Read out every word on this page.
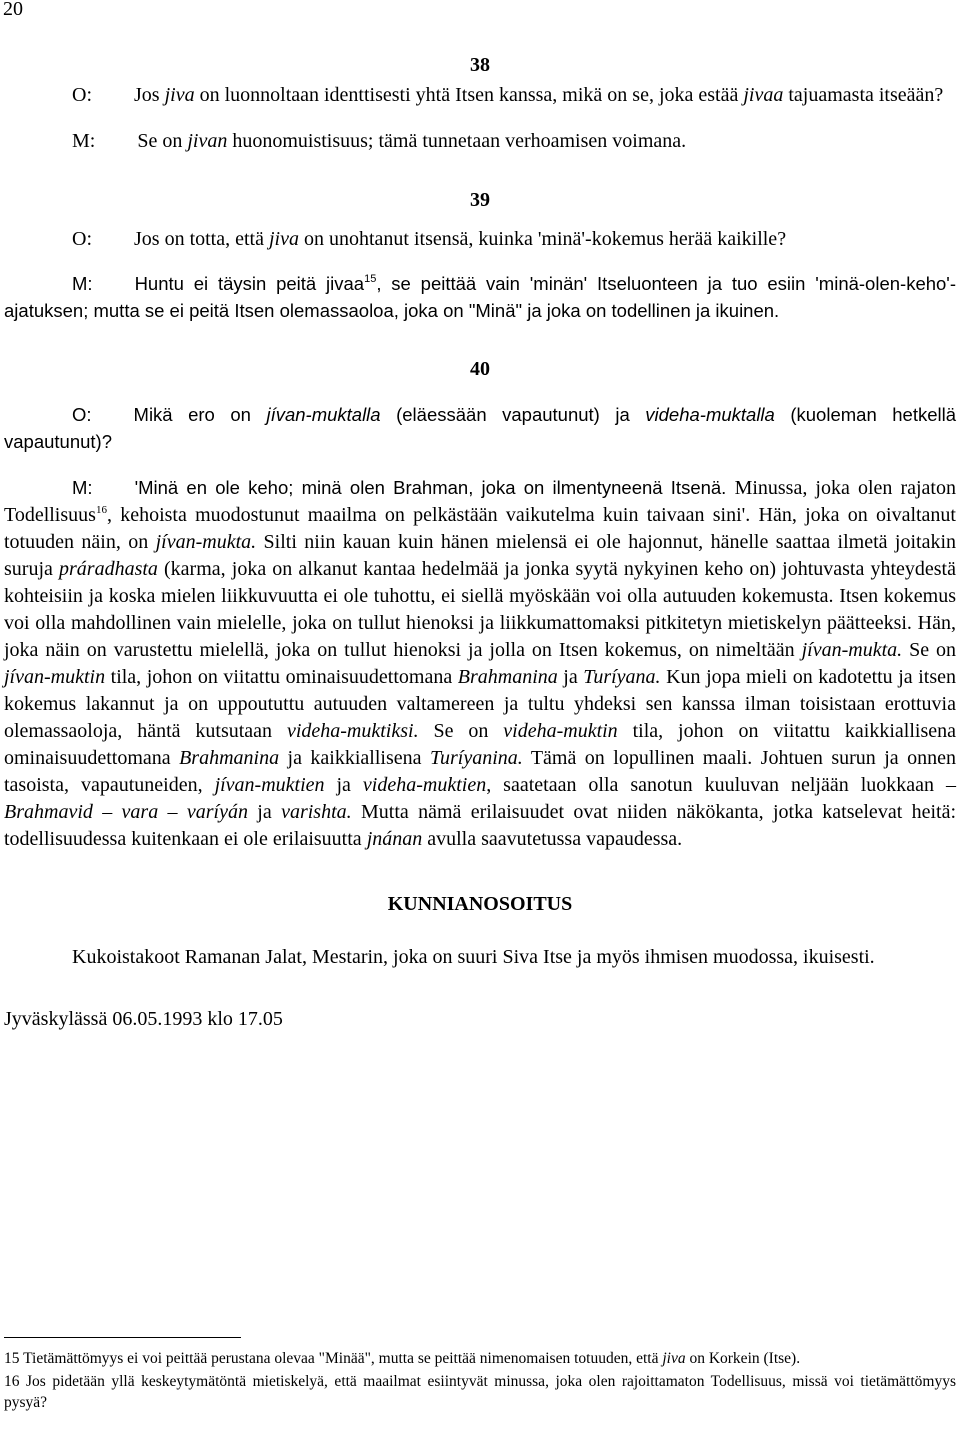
20
38

O: Jos jiva on luonnoltaan identtisesti yhtä Itsen kanssa, mikä on se, joka estää jivaa tajuamasta itseään?

M: Se on jivan huonomuistisuus; tämä tunnetaan verhoamisen voimana.

39

O: Jos on totta, että jiva on unohtanut itsensä, kuinka 'minä'-kokemus herää kaikille?

M: Huntu ei täysin peitä jivaa$^{15}$, se peittää vain 'minän' Itseluonteen ja tuo esiin 'minä-olen-keho'-ajatuksen; mutta se ei peitä Itsen olemassaoloa, joka on "Minä" ja joka on todellinen ja ikuinen.

40

O: Mikä ero on jívan-muktalla (eläessään vapautunut) ja videha-muktalla (kuoleman hetkellä vapautunut)?

M: 'Minä en ole keho; minä olen Brahman, joka on ilmentyneenä Itsenä. Minussa, joka olen rajaton Todellisuus$^{16}$, kehoista muodostunut maailma on pelkästään vaikutelma kuin taivaan sini'. Hän, joka on oivaltanut totuuden näin, on jívan-mukta. Silti niin kauan kuin hänen mielensä ei ole hajonnut, hänelle saattaa ilmetä joitakin suruja práradhasta (karma, joka on alkanut kantaa hedelmää ja jonka syytä nykyinen keho on) johtuvasta yhteydestä kohteisiin ja koska mielen liikkuvuutta ei ole tuhottu, ei siellä myöskään voi olla autuuden kokemusta. Itsen kokemus voi olla mahdollinen vain mielelle, joka on tullut hienoksi ja liikkumattomaksi pitkitetyn mietiskelyn päätteeksi. Hän, joka näin on varustettu mielellä, joka on tullut hienoksi ja jolla on Itsen kokemus, on nimeltään jívan-mukta. Se on jívan-muktin tila, johon on viitattu ominaisuudettomana Brahmanina ja Turíyana. Kun jopa mieli on kadotettu ja itsen kokemus lakannut ja on uppoututtu autuuden valtamereen ja tultu yhdeksi sen kanssa ilman toisistaan erottuvia olemassaoloja, häntä kutsutaan videha-muktiksi. Se on videha-muktin tila, johon on viitattu kaikkiallisena ominaisuudettomana Brahmanina ja kaikkiallisena Turíyanina. Tämä on lopullinen maali. Johtuen surun ja onnen tasoista, vapautuneiden, jívan-muktien ja videha-muktien, saatetaan olla sanotun kuuluvan neljään luokkaan – Brahmavid – vara – varíyán ja varishta. Mutta nämä erilaisuudet ovat niiden näkökanta, jotka katselevat heitä: todellisuudessa kuitenkaan ei ole erilaisuutta jnánan avulla saavutetussa vapaudessa.

KUNNIANOSOITUS

Kukoistakoot Ramanan Jalat, Mestarin, joka on suuri Siva Itse ja myös ihmisen muodossa, ikuisesti.

Jyväskylässä 06.05.1993 klo 17.05

15 Tietämättömyys ei voi peittää perustana olevaa "Minää", mutta se peittää nimenomaisen totuuden, että jiva on Korkein (Itse).

16 Jos pidetään yllä keskeytymätöntä mietiskelyä, että maailmat esiintyvät minussa, joka olen rajoittamaton Todellisuus, missä voi tietämättömyys pysyä?
